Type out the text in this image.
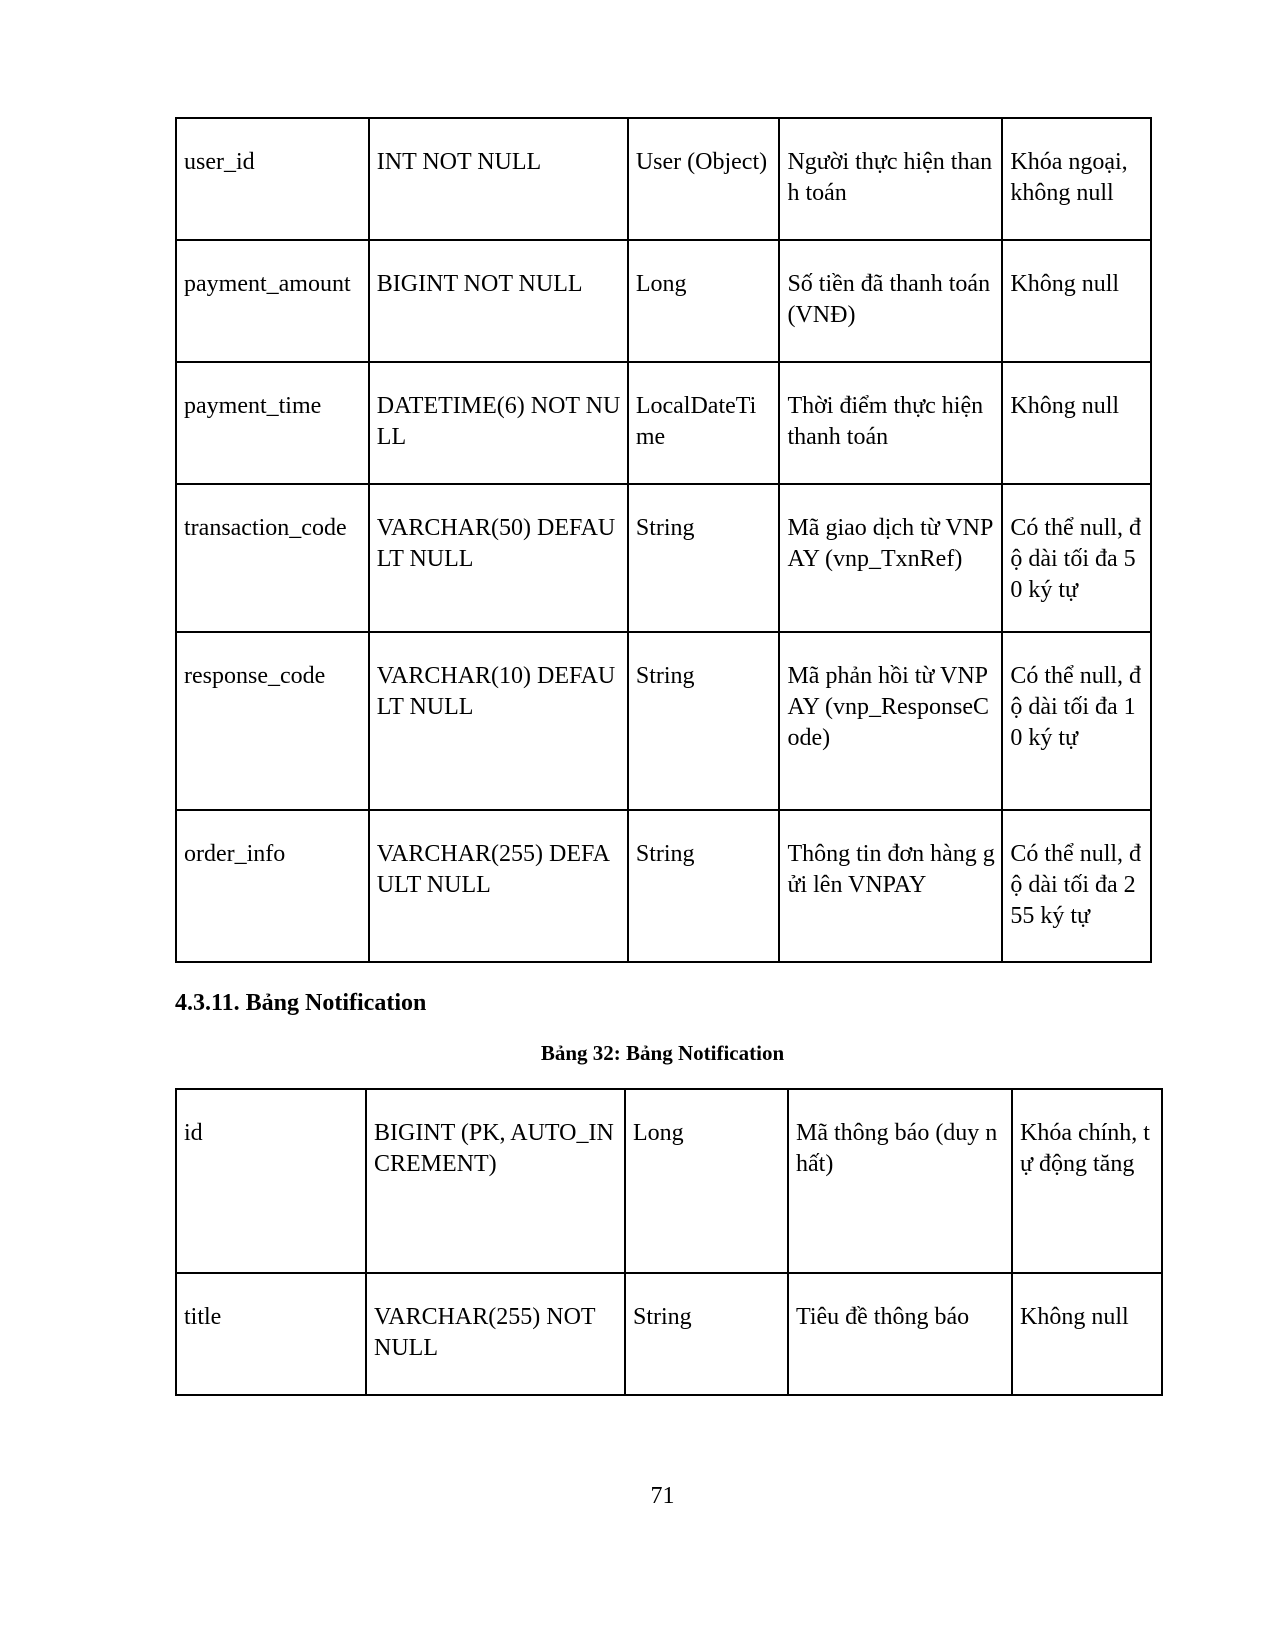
user_id	INT NOT NULL	User (Object)	Người thực hiện thanh toán	Khóa ngoại, không null
payment_amount	BIGINT NOT NULL	Long	Số tiền đã thanh toán (VNĐ)	Không null
payment_time	DATETIME(6) NOT NULL	LocalDateTime	Thời điểm thực hiện thanh toán	Không null
transaction_code	VARCHAR(50) DEFAULT NULL	String	Mã giao dịch từ VNPAY (vnp_TxnRef)	Có thể null, độ dài tối đa 50 ký tự
response_code	VARCHAR(10) DEFAULT NULL	String	Mã phản hồi từ VNPAY (vnp_ResponseCode)	Có thể null, độ dài tối đa 10 ký tự
order_info	VARCHAR(255) DEFAULT NULL	String	Thông tin đơn hàng gửi lên VNPAY	Có thể null, độ dài tối đa 255 ký tự
4.3.11. Bảng Notification

Bảng 32: Bảng Notification

id	BIGINT (PK, AUTO_INCREMENT)	Long	Mã thông báo (duy nhất)	Khóa chính, tự động tăng
title	VARCHAR(255) NOT NULL	String	Tiêu đề thông báo	Không null

71
